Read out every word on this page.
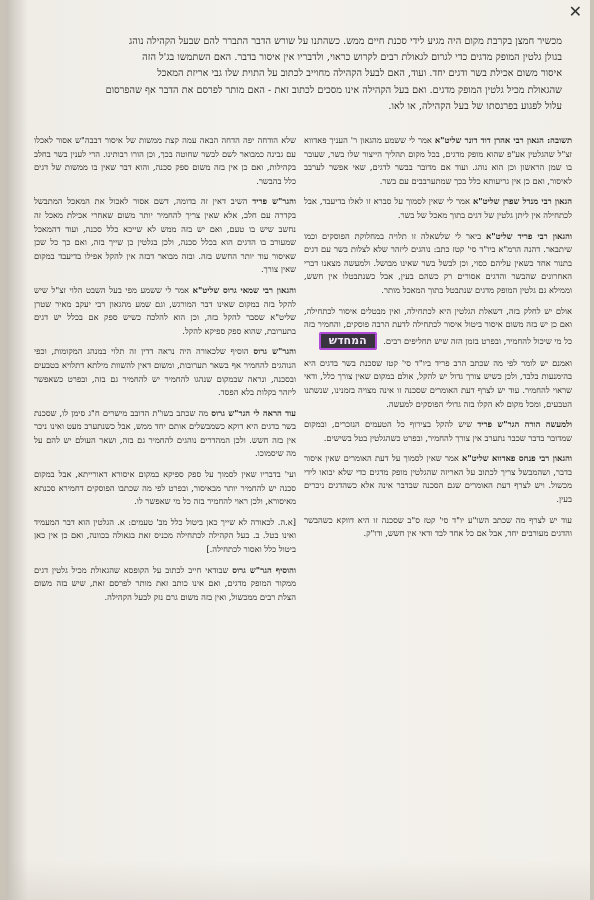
✕

מכשיר חמצן בקרבת מקום היה מגיע לידי סכנת חיים ממש. כשהתנו על שורש הדבר התברר להם שבעל הקהילה נוהג

בגולן גלטין המופק מדגים כדי לגרום לגאולת רבים לקרוש כראוי, ולדבריו אין איסור בדבר. האם השתמשו בג'ל הזה

איסור משום אכילת בשר ודגים יחד. ועוד, האם לבעל הקהילה מחוייב לכתוב על התוית שלו גבי אריזת המאכל

שהגאולת מכיל גלטין המופק מדגים. ואם בעל הקהילה אינו מסכים לכתוב זאת - האם מותר לפרסם את הדבר אף שהפרסום

עלול לפגוע בפרנסתו של בעל הקהילה, או לאו.

תשובה: הגאון רבי אהרן דוד דונר שליט"א אמר לי ששמע מהגאון ר' העניך פאדווא זצ"ל שהגלטין אע"פ שהוא מופק מדגים, בכל מקום תהליך הייצור שלו בשר, שעובר בו שמן הראשון וכן הוא נוהג. ועוד אם מדובר בבשר לדגים, שאי אפשר לערבב לאיסור, ואם כן אין גריעותא כלל בכך שמתערבבים עם בשר.

הגאון רבי מנדל שפרן שליט"א אמר לי שאין לסמוך על סברא זו לאלו בדיעבד, אבל לכתחילה אין ליתן גלטין של דגים בתוך מאכל של בשר.

והגאון רבי פריד שליט"א ביאר לי שלשאלה זו תלויה במחלוקת הפוסקים וכמו שיתבאר. דהנה הרמ"א ביו"ד סי' קטז כתב: נוהגים ליזהר שלא לצלות בשר עם דגים בתנור אחד כשאין עליהם כסוי, וכן לבשל בשר שאינו מבושל. ולמעשה מצאנו דברי האחרונים שהבשר והדגים אסורים רק כשהם בעין, אבל כשנתבטלו אין חשש, וממילא גם גלטין המופק מדגים שנתבטל בתוך המאכל מותר.

אולם יש לחלק בזה, דשאלת הגלטין היא לכתחילה, ואין מבטלים איסור לכתחילה, ואם כן יש בזה משום איסור ביטול איסור לכתחילה לדעת הרבה פוסקים, והחמיר בזה כל מי שיכול להחמיר, ובפרט בזמן הזה שיש תחליפים רבים. המחדש

ואמנם יש לומר לפי מה שכתב הרב פריד ביו"ד סי' קטז שסכנת בשר בדגים היא בהימנעות בלבד, ולכן כשיש צורך גדול יש להקל, אולם במקום שאין צורך כלל, ודאי שראוי להחמיר. עוד יש לצרף דעת האומרים שסכנה זו אינה מצויה בזמנינו, שנשתנו הטבעים, ומכל מקום לא הקלו בזה גדולי הפוסקים למעשה.

ולמעשה הורה הגר"ש פריד שיש להקל בצירוף כל הטעמים הנזכרים, ובמקום שמדובר בדבר שכבר נתערב אין צורך להחמיר, ובפרט כשהגלטין בטל בשישים.

והגאון רבי פנחס פאדווא שליט"א אמר שאין לסמוך על דעת האומרים שאין איסור בדבר, ושהמבשל צריך לכתוב על האריזה שהגלטין מופק מדגים כדי שלא יבואו לידי מכשול. ויש לצרף דעת האומרים שגם הסכנה שבדבר אינה אלא כשהדגים ניכרים בעין.

עוד יש לצרף מה שכתב השו"ע יו"ד סי' קטז ס"ב שסכנה זו היא דווקא כשהבשר והדגים מעורבים יחד, אבל אם כל אחד לבד ודאי אין חשש, ודו"ק.

שלא הודחה יפה הדחה הבאה עמה קצת ממשות של איסור דבבה"ש אסור לאכלו עם גבינה כמבואר לשם לבשר שחוטה בכך, וכן הורו רבותינו. הרי לענין בשר בחלב בקהילות, ואם כן אין בזה משום ספק סכנה, והוא דבר שאין בו ממשות של דגים כלל בהבשר.

והגר"ש פריד השיב דאין זה בדומה, דשם אסור לאכול את המאכל המתבשל בקדרה עם חלב, אלא שאין צריך להחמיר יותר משום שאחרי אכילת מאכל זה נחשב שיש בו טעם, ואם יש בזה ממש לא שייכא כלל סכנה, ועוד דהמאכל שמעורב בו הדגים הוא בכלל סכנה, ולכן בגלטין כן שייך בזה, ואם כך כל שכן שאיסור עוד יותר החשש בזה. ובזה מבואר דבזה אין להקל אפילו בדיעבד במקום שאין צורך.

והגאון רבי שמאי גרוס שליט"א אמר לי ששמע מפי בעל השבט הלוי זצ"ל שיש להקל בזה במקום שאינו דבר המורגש, וגם שמע מהגאון רבי יעקב מאיר שטרן שליט"א שסבר להקל בזה, וכן הוא להלכה כשיש ספק אם בכלל יש דגים בתערובת, שהוא ספק ספיקא להקל.

והגר"ש גרוס הוסיף שלכאורה היה נראה דדין זה תלוי במנהג המקומות, וכפי הנוהגים להחמיר אף בשאר תערובות, ומשום דאין להשוות מילתא דתלויא בטבעים ובסכנה, ונראה שבמקום שנהגו להחמיר יש להחמיר גם בזה, ובפרט כשאפשר ליזהר בקלות בלא הפסד.

עוד הראה לי הגר"ש גרוס מה שכתב בשו"ת הדובב מישרים ח"ג סימן לו, שסכנת בשר בדגים היא דוקא כשמבשלים אותם יחד ממש, אבל כשנתערב מעט ואינו ניכר אין בזה חשש. ולכן המהדרים נוהגים להחמיר גם בזה, ושאר העולם יש להם על מה שיסמוכו.

ועי' בדבריו שאין לסמוך על ספק ספיקא במקום איסורא דאורייתא, אבל במקום סכנה יש להחמיר יותר מבאיסור, ובפרט לפי מה שכתבו הפוסקים דחמירא סכנתא מאיסורא, ולכן ראוי להחמיר בזה כל מי שאפשר לו.

[א.ה. לכאורה לא שייך כאן ביטול כלל מב' טעמים: א. הגלטין הוא דבר המעמיד ואינו בטל. ב. בעל הקהילה לכתחילה מכניס זאת בגאולה בכוונה, ואם כן אין כאן ביטול כלל ואסור לכתחילה.]

והוסיף הגר"ש גרוס שבודאי חייב לכתוב על הקופסא שהגאולת מכיל גלטין דגים ממקור המופק מדגים, ואם אינו כותב זאת מותר לפרסם זאת, שיש בזה משום הצלת רבים ממכשול, ואין בזה משום גרם נזק לבעל הקהילה.
